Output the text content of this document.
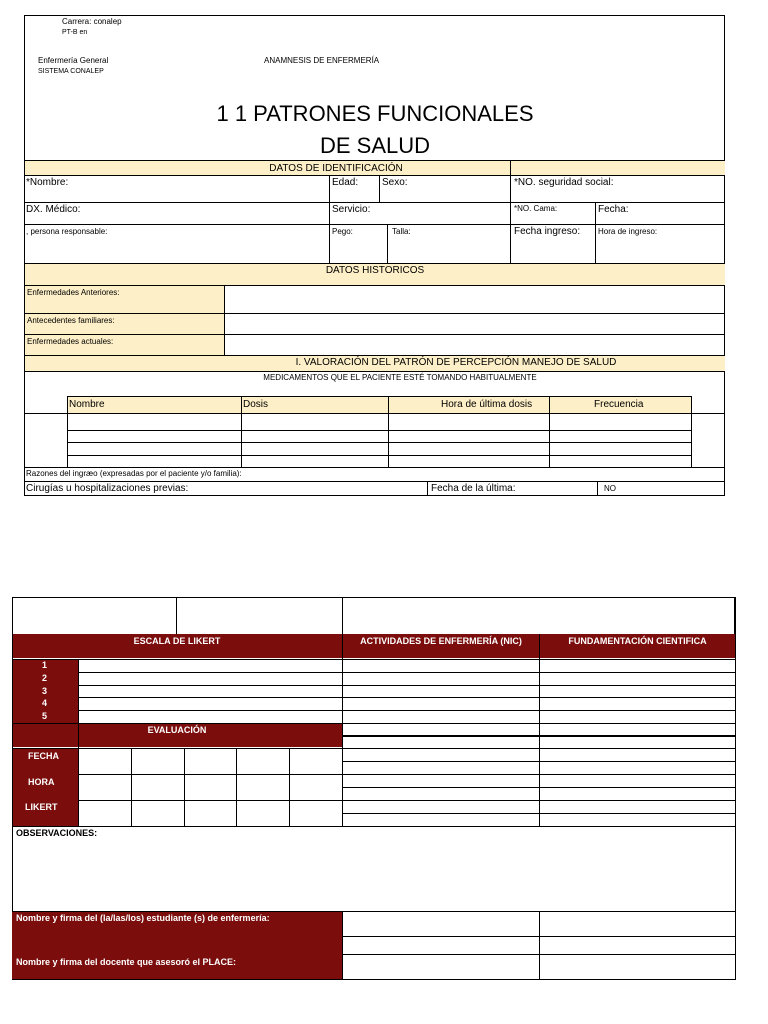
Carrera: conalep
PT-B en
Enfermería General
SISTEMA CONALEP
ANAMNESIS DE ENFERMERÍA
1 1 PATRONES FUNCIONALES
DE SALUD
DATOS DE IDENTIFICACIÓN
*Nombre:	Edad: Sexo:	*NO. seguridad social:
DX. Médico:	Servicio:	*NO. Cama:	Fecha:
, persona responsable:	Pego:	Talla:	Fecha ingreso: Hora de ingreso:
DATOS HISTORICOS
Enfermedades Anteriores:
Antecedentes familiares:
Enfermedades actuales:
I. VALORACIÓN DEL PATRÓN DE PERCEPCIÓN MANEJO DE SALUD
MEDICAMENTOS QUE EL PACIENTE ESTÉ TOMANDO HABITUALMENTE
Nombre	Dosis	Hora de última dosis	Frecuencia
Razones del ingræo (expresadas por el paciente y/o familia):
Cirugías u hospitalizaciones previas:	Fecha de la última:	NO
ESCALA DE LIKERT	ACTIVIDADES DE ENFERMERÍA (NIC)	FUNDAMENTACIÓN CIENTIFICA
1
2
3
4
5
EVALUACIÓN
FECHA
HORA
LIKERT
OBSERVACIONES:
Nombre y firma del (la/las/los) estudiante (s) de enfermería:
Nombre y firma del docente que asesoró el PLACE:
